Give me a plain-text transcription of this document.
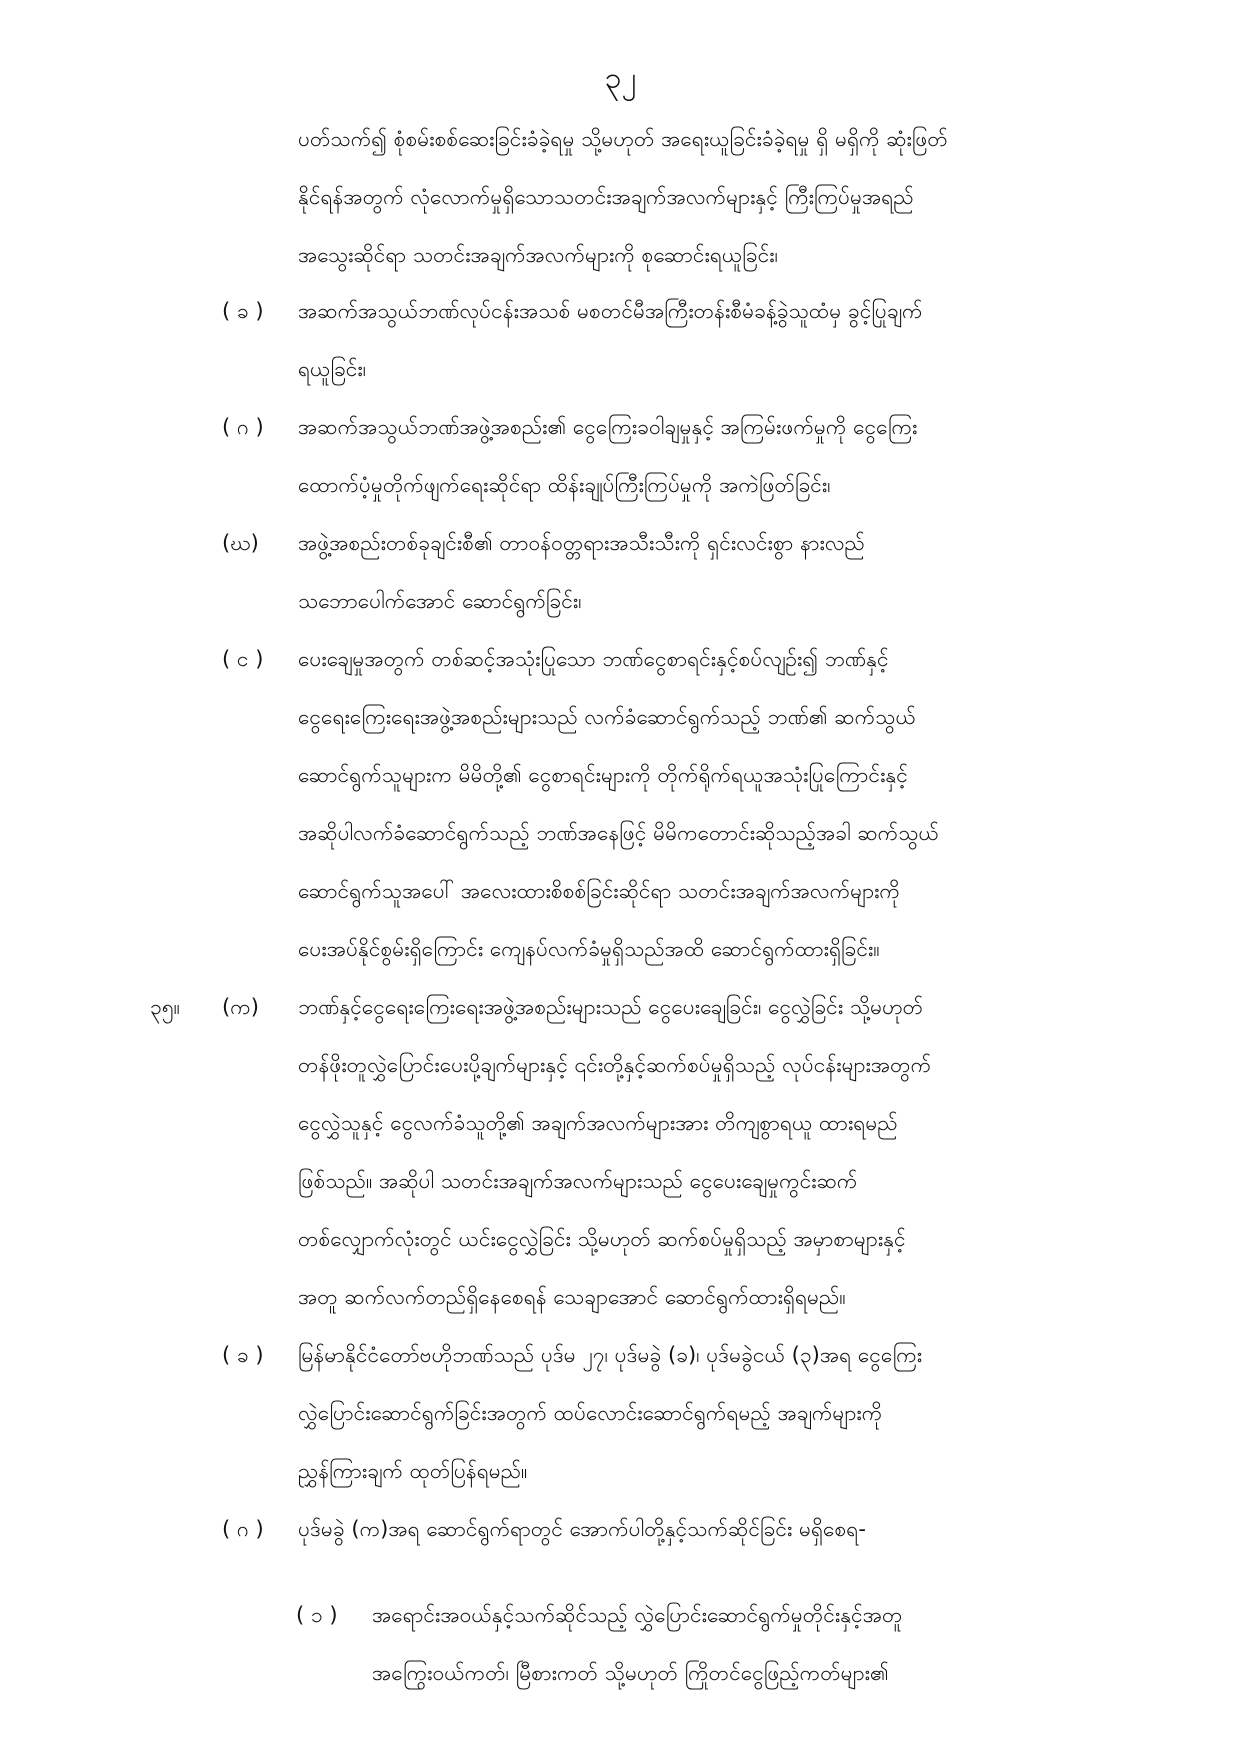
၃၂
ပတ်သက်၍ စုံစမ်းစစ်ဆေးခြင်းခံခဲ့ရမှု သို့မဟုတ် အရေးယူခြင်းခံခဲ့ရမှု ရှိ မရှိကို ဆုံးဖြတ်
နိုင်ရန်အတွက် လုံလောက်မှုရှိသောသတင်းအချက်အလက်များနှင့် ကြီးကြပ်မှုအရည်
အသွေးဆိုင်ရာ သတင်းအချက်အလက်များကို စုဆောင်းရယူခြင်း၊
( ခ ) အဆက်အသွယ်ဘဏ်လုပ်ငန်းအသစ် မစတင်မီအကြီးတန်းစီမံခန့်ခွဲသူထံမှ ခွင့်ပြုချက်
ရယူခြင်း၊
( ဂ ) အဆက်အသွယ်ဘဏ်အဖွဲ့အစည်း၏ ငွေကြေးခဝါချမှုနှင့် အကြမ်းဖက်မှုကို ငွေကြေး
ထောက်ပံ့မှုတိုက်ဖျက်ရေးဆိုင်ရာ ထိန်းချုပ်ကြီးကြပ်မှုကို အကဲဖြတ်ခြင်း၊
(ဃ) အဖွဲ့အစည်းတစ်ခုချင်းစီ၏ တာဝန်ဝတ္တရားအသီးသီးကို ရှင်းလင်းစွာ နားလည်
သဘောပေါက်အောင် ဆောင်ရွက်ခြင်း၊
( င ) ပေးချေမှုအတွက် တစ်ဆင့်အသုံးပြုသော ဘဏ်ငွေစာရင်းနှင့်စပ်လျဉ်း၍ ဘဏ်နှင့်
ငွေရေးကြေးရေးအဖွဲ့အစည်းများသည် လက်ခံဆောင်ရွက်သည့် ဘဏ်၏ ဆက်သွယ်
ဆောင်ရွက်သူများက မိမိတို့၏ ငွေစာရင်းများကို တိုက်ရိုက်ရယူအသုံးပြုကြောင်းနှင့်
အဆိုပါလက်ခံဆောင်ရွက်သည့် ဘဏ်အနေဖြင့် မိမိကတောင်းဆိုသည့်အခါ ဆက်သွယ်
ဆောင်ရွက်သူအပေါ် အလေးထားစိစစ်ခြင်းဆိုင်ရာ သတင်းအချက်အလက်များကို
ပေးအပ်နိုင်စွမ်းရှိကြောင်း ကျေနပ်လက်ခံမှုရှိသည်အထိ ဆောင်ရွက်ထားရှိခြင်း။
၃၅။ (က) ဘဏ်နှင့်ငွေရေးကြေးရေးအဖွဲ့အစည်းများသည် ငွေပေးချေခြင်း၊ ငွေလွှဲခြင်း သို့မဟုတ်
တန်ဖိုးတူလွှဲပြောင်းပေးပို့ချက်များနှင့် ၎င်းတို့နှင့်ဆက်စပ်မှုရှိသည့် လုပ်ငန်းများအတွက်
ငွေလွှဲသူနှင့် ငွေလက်ခံသူတို့၏ အချက်အလက်များအား တိကျစွာရယူ ထားရမည်
ဖြစ်သည်။ အဆိုပါ သတင်းအချက်အလက်များသည် ငွေပေးချေမှုကွင်းဆက်
တစ်လျှောက်လုံးတွင် ယင်းငွေလွှဲခြင်း သို့မဟုတ် ဆက်စပ်မှုရှိသည့် အမှာစာများနှင့်
အတူ ဆက်လက်တည်ရှိနေစေရန် သေချာအောင် ဆောင်ရွက်ထားရှိရမည်။
( ခ ) မြန်မာနိုင်ငံတော်ဗဟိုဘဏ်သည် ပုဒ်မ ၂၇၊ ပုဒ်မခွဲ (ခ)၊ ပုဒ်မခွဲငယ် (၃)အရ ငွေကြေး
လွှဲပြောင်းဆောင်ရွက်ခြင်းအတွက် ထပ်လောင်းဆောင်ရွက်ရမည့် အချက်များကို
ညွှန်ကြားချက် ထုတ်ပြန်ရမည်။
( ဂ ) ပုဒ်မခွဲ (က)အရ ဆောင်ရွက်ရာတွင် အောက်ပါတို့နှင့်သက်ဆိုင်ခြင်း မရှိစေရ-
( ၁ ) အရောင်းအဝယ်နှင့်သက်ဆိုင်သည့် လွှဲပြောင်းဆောင်ရွက်မှုတိုင်းနှင့်အတူ
အကြွေးဝယ်ကတ်၊ မြီစားကတ် သို့မဟုတ် ကြိုတင်ငွေဖြည့်ကတ်များ၏
